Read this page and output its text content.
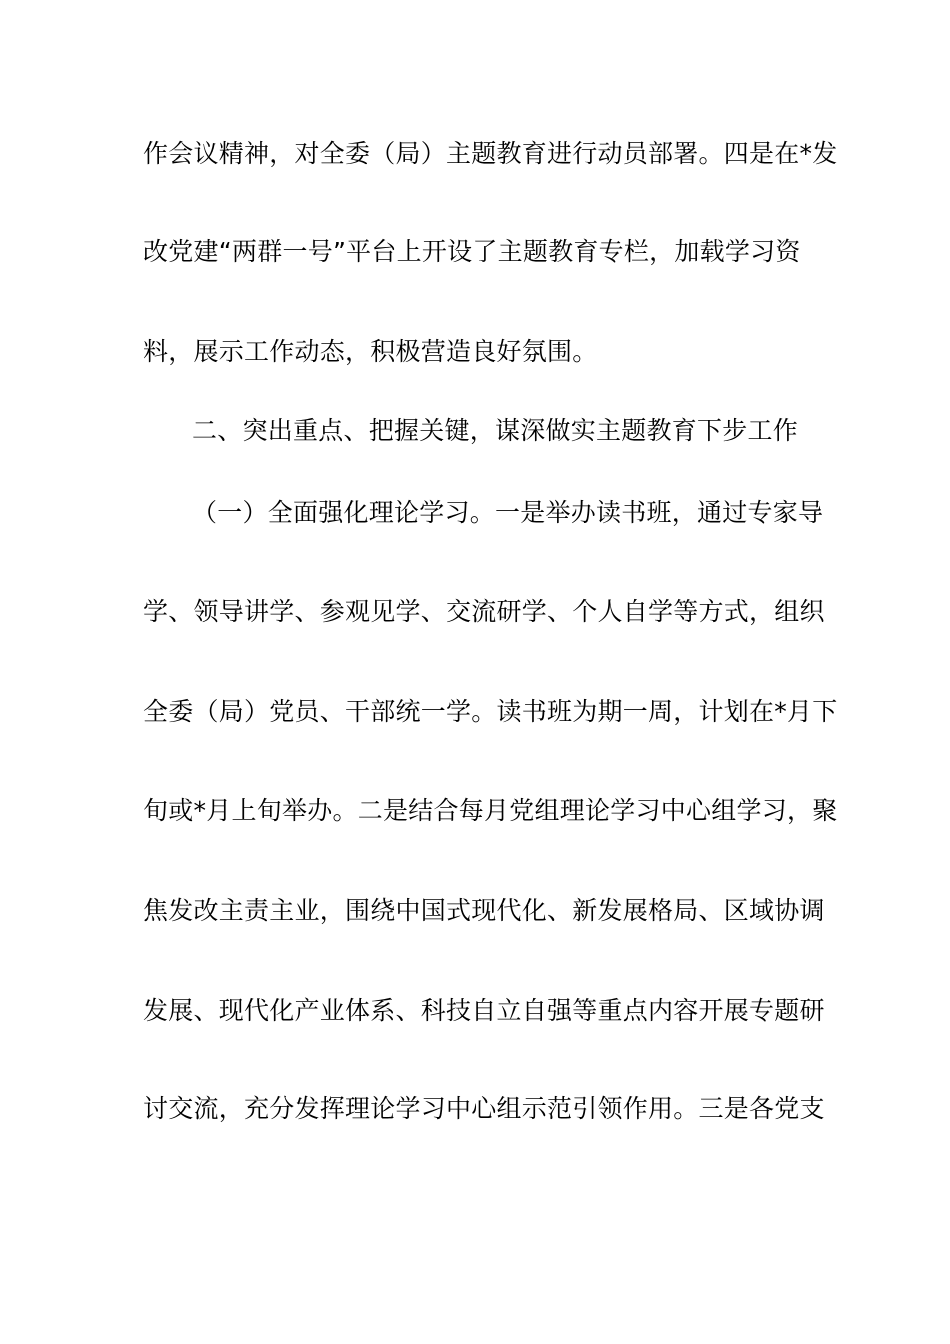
作会议精神，对全委（局）主题教育进行动员部署。四是在*发
改党建“两群一号”平台上开设了主题教育专栏，加载学习资
料，展示工作动态，积极营造良好氛围。
二、突出重点、把握关键，谋深做实主题教育下步工作
（一）全面强化理论学习。一是举办读书班，通过专家导
学、领导讲学、参观见学、交流研学、个人自学等方式，组织
全委（局）党员、干部统一学。读书班为期一周，计划在*月下
旬或*月上旬举办。二是结合每月党组理论学习中心组学习，聚
焦发改主责主业，围绕中国式现代化、新发展格局、区域协调
发展、现代化产业体系、科技自立自强等重点内容开展专题研
讨交流，充分发挥理论学习中心组示范引领作用。三是各党支
